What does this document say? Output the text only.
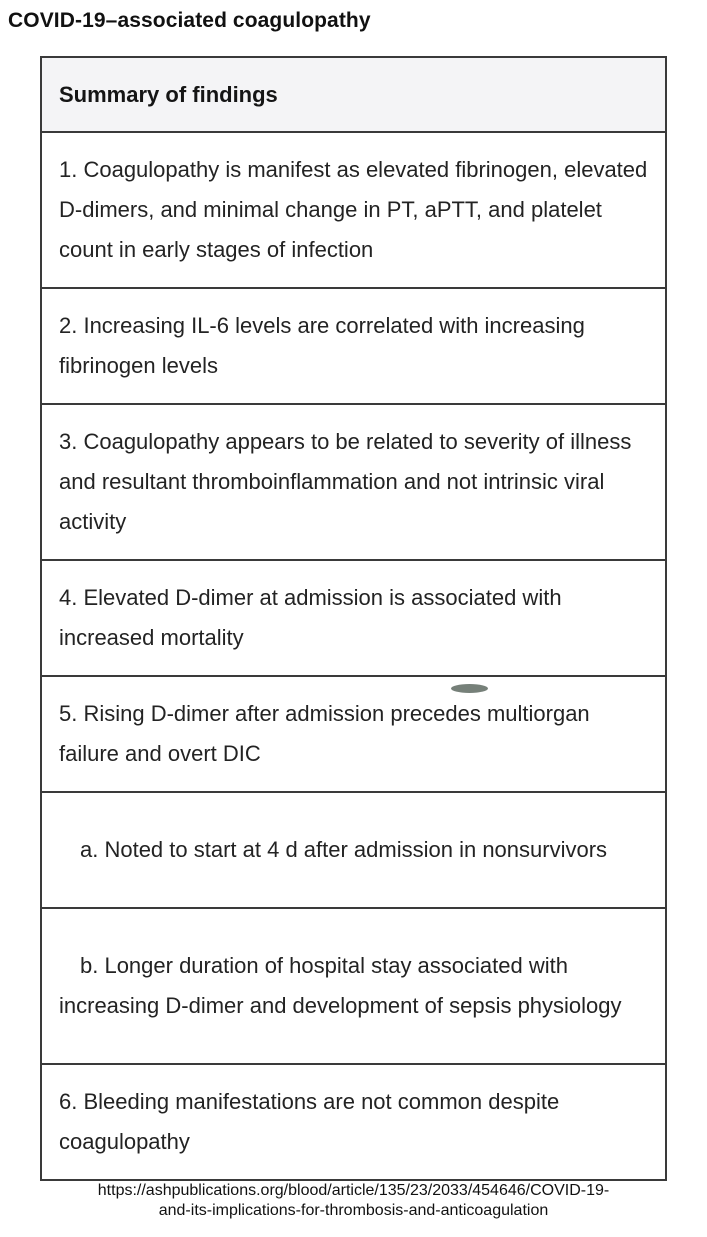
COVID-19–associated coagulopathy
Summary of findings
1. Coagulopathy is manifest as elevated fibrinogen, elevated D-dimers, and minimal change in PT, aPTT, and platelet count in early stages of infection
2. Increasing IL-6 levels are correlated with increasing fibrinogen levels
3. Coagulopathy appears to be related to severity of illness and resultant thromboinflammation and not intrinsic viral activity
4. Elevated D-dimer at admission is associated with increased mortality
5. Rising D-dimer after admission precedes multiorgan failure and overt DIC
a. Noted to start at 4 d after admission in nonsurvivors
b. Longer duration of hospital stay associated with increasing D-dimer and development of sepsis physiology
6. Bleeding manifestations are not common despite coagulopathy
https://ashpublications.org/blood/article/135/23/2033/454646/COVID-19-
and-its-implications-for-thrombosis-and-anticoagulation
